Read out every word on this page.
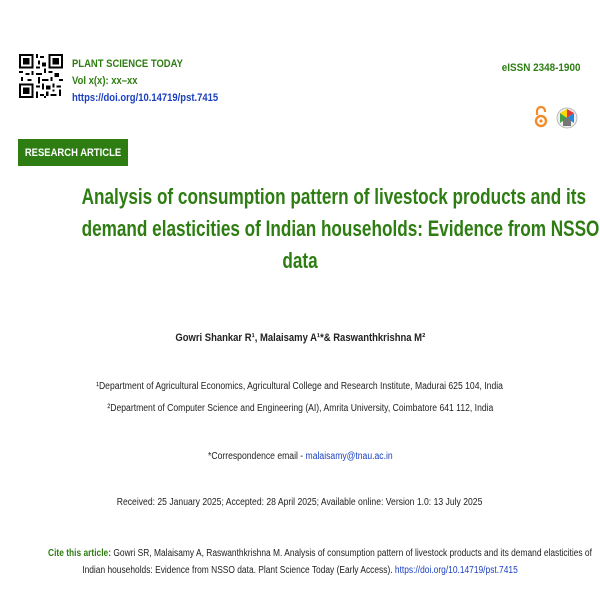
PLANT SCIENCE TODAY
Vol x(x): xx–xx
https://doi.org/10.14719/pst.7415
eISSN 2348-1900
RESEARCH ARTICLE
Analysis of consumption pattern of livestock products and its
demand elasticities of Indian households: Evidence from NSSO
data
Gowri Shankar R¹, Malaisamy A¹*& Raswanthkrishna M²
¹Department of Agricultural Economics, Agricultural College and Research Institute, Madurai 625 104, India
²Department of Computer Science and Engineering (AI), Amrita University, Coimbatore 641 112, India
*Correspondence email - malaisamy@tnau.ac.in
Received: 25 January 2025; Accepted: 28 April 2025; Available online: Version 1.0: 13 July 2025
Cite this article: Gowri SR, Malaisamy A, Raswanthkrishna M. Analysis of consumption pattern of livestock products and its demand elasticities of
Indian households: Evidence from NSSO data. Plant Science Today (Early Access). https://doi.org/10.14719/pst.7415
